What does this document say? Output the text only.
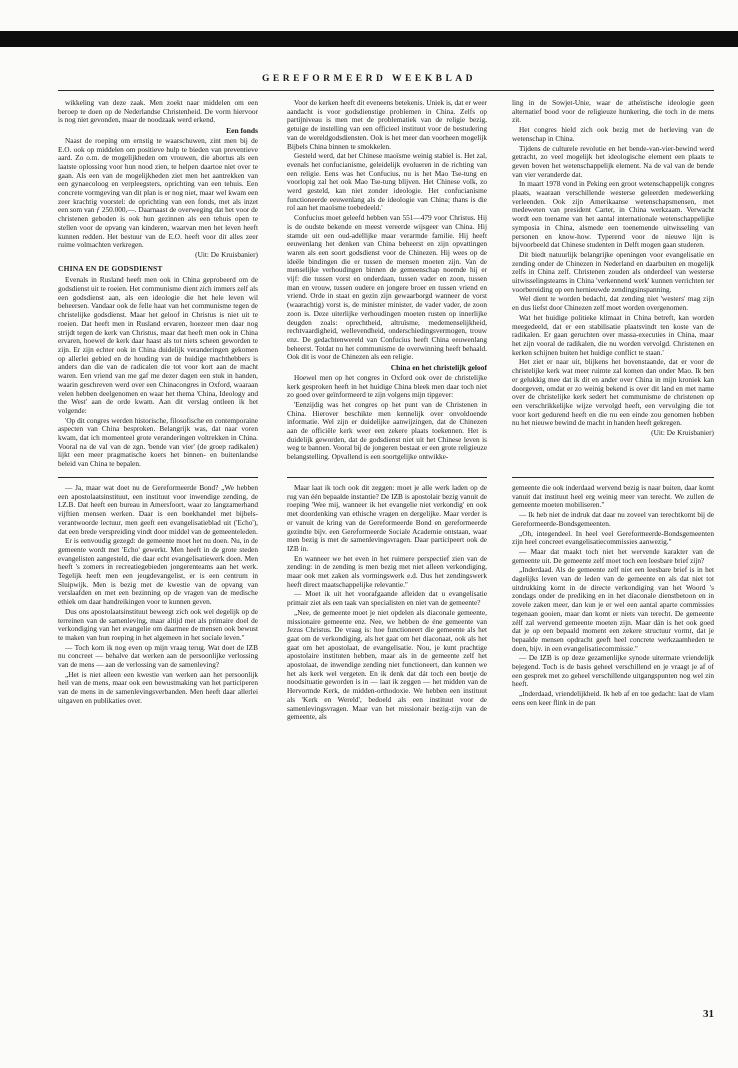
GEREFORMEERD WEEKBLAD

wikkeling van deze zaak. Men zoekt naar middelen om een beroep te doen op de Nederlandse Christenheid. De vorm hiervoor is nog niet gevonden, maar de noodzaak werd erkend.

Een fonds

Naast de roeping om ernstig te waarschuwen, zint men bij de E.O. ook op middelen om positieve hulp te bieden van preventieve aard. Zo o.m. de mogelijkheden om vrouwen, die abortus als een laatste oplossing voor hun nood zien, te helpen daartoe niet over te gaan. Als een van de mogelijkheden ziet men het aantrekken van een gynaecoloog en verpleegsters, oprichting van een tehuis. Een concrete vormgeving van dit plan is er nog niet, maar wel kwam een zeer krachtig voorstel: de oprichting van een fonds, met als inzet een som van ƒ 250.000,—. Daarnaast de overweging dat het voor de christenen geboden is ook hun gezinnen als een tehuis open te stellen voor de opvang van kinderen, waarvan men het leven heeft kunnen redden. Het bestuur van de E.O. heeft voor dit alles zeer ruime volmachten verkregen.

(Uit: De Kruisbanier)

CHINA EN DE GODSDIENST

Evenals in Rusland heeft men ook in China geprobeerd om de godsdienst uit te roeien. Het communisme dient zich immers zelf als een godsdienst aan, als een ideologie die het hele leven wil beheersen. Vandaar ook de felle haat van het communisme tegen de christelijke godsdienst. Maar het geloof in Christus is niet uit te roeien. Dat heeft men in Rusland ervaren, hoezeer men daar nog strijdt tegen de kerk van Christus, maar dat heeft men ook in China ervaren, hoewel de kerk daar haast als tot niets scheen geworden te zijn. Er zijn echter ook in China duidelijk veranderingen gekomen op allerlei gebied en de houding van de huidige machthebbers is anders dan die van de radicalen die tot voor kort aan de macht waren. Een vriend van me gaf me dezer dagen een stuk in handen, waarin geschreven werd over een Chinacongres in Oxford, waaraan velen hebben deelgenomen en waar het thema 'China, Ideology and the West' aan de orde kwam. Aan dit verslag ontleen ik het volgende:

'Op dit congres werden historische, filosofische en contemporaine aspecten van China besproken. Belangrijk was, dat naar voren kwam, dat ich momenteel grote veranderingen voltrekken in China. Vooral na de val van de zgn. 'bende van vier' (de groep radikalen) lijkt een meer pragmatische koers het binnen- en buitenlandse beleid van China te bepalen.

Voor de kerken heeft dit eveneens betekenis. Uniek is, dat er weer aandacht is voor godsdienstige problemen in China. Zelfs op partijniveau is men met de problematiek van de religie bezig, getuige de instelling van een officieel instituut voor de bestudering van de wereldgodsdiensten. Ook is het meer dan voorheen mogelijk Bijbels China binnen te smokkelen.

Gesteld werd, dat het Chinese maoïsme weinig stabiel is. Het zal, evenals het confucianisme, geleidelijk evolueren in de richting van een religie. Eens was het Confucius, nu is het Mao Tse-tung en voorlopig zal het ook Mao Tse-tung blijven. Het Chinese volk, zo werd gesteld, kan niet zonder ideologie. Het confucianisme functioneerde eeuwenlang als de ideologie van China; thans is die rol aan het maoïsme toebedeeld.'

Confucius moet geleefd hebben van 551—479 voor Christus. Hij is de oudste bekende en meest vereerde wijsgeer van China. Hij stamde uit een oud-adellijke maar verarmde familie. Hij heeft eeuwenlang het denken van China beheerst en zijn opvattingen waren als een soort godsdienst voor de Chinezen. Hij wees op de ideële bindingen die er tussen de mensen moeten zijn. Van de menselijke verhoudingen binnen de gemeenschap noemde hij er vijf: die tussen vorst en onderdaan, tussen vader en zoon, tussen man en vrouw, tussen oudere en jongere broer en tussen vriend en vriend. Orde in staat en gezin zijn gewaarborgd wanneer de vorst (waarachtig) vorst is, de minister minister, de vader vader, de zoon zoon is. Deze uiterlijke verhoudingen moeten rusten op innerlijke deugden zoals: oprechtheid, altruïsme, medemenselijkheid, rechtvaardigheid, wellevendheid, onderschiedingsvermogen, trouw enz. De gedachtenwereld van Confucius heeft China eeuwenlang beheerst. Totdat nu het communisme de overwinning heeft behaald. Ook dit is voor de Chinezen als een religie.

China en het christelijk geloof

Hoewel men op het congres in Oxford ook over de christelijke kerk gesproken heeft in het huidige China bleek men daar toch niet zo goed over geïnformeerd te zijn volgens mijn tipgever:

'Eenzijdig was het congres op het punt van de Christenen in China. Hierover beschikte men kennelijk over onvoldoende informatie. Wel zijn er duidelijke aanwijzingen, dat de Chinezen aan de officiële kerk weer een zekere plaats toekennen. Het is duidelijk geworden, dat de godsdienst niet uit het Chinese leven is weg te bannen. Vooral bij de jongeren bestaat er een grote religieuze belangstelling. Opvallend is een soortgelijke ontwikke-

ling in de Sowjet-Unie, waar de atheïstische ideologie geen alternatief bood voor de religieuze hunkering, die toch in de mens zit.

Het congres hield zich ook bezig met de herleving van de wetenschap in China.

Tijdens de culturele revolutie en het bende-van-vier-bewind werd getracht, zo veel mogelijk het ideologische element een plaats te geven boven het wetenschappelijk element. Na de val van de bende van vier veranderde dat.

In maart 1978 vond in Peking een groot wetenschappelijk congres plaats, waaraan verschillende westerse geleerden medewerking verleenden. Ook zijn Amerikaanse wetenschapsmensen, met medeweten van president Carter, in China werkzaam. Verwacht wordt een toename van het aantal internationale wetenschappelijke symposia in China, alsmede een toenemende uitwisseling van personen en know-how. Typerend voor de nieuwe lijn is bijvoorbeeld dat Chinese studenten in Delft mogen gaan studeren.

Dit biedt natuurlijk belangrijke openingen voor evangelisatie en zending onder de Chinezen in Nederland en daarbuiten en mogelijk zelfs in China zelf. Christenen zouden als onderdeel van westerse uitwisselingsteams in China 'verkennend werk' kunnen verrichten ter voorbereiding op een hernieuwde zendingsinspanning.

Wel dient te worden bedacht, dat zending niet 'westers' mag zijn en dus liefst door Chinezen zelf moet worden overgenomen.

Wat het huidige politieke klimaat in China betreft, kan worden meegedeeld, dat er een stabilisatie plaatsvindt ten koste van de radikalen. Er gaan geruchten over massa-executies in China, maar het zijn vooral de radikalen, die nu worden vervolgd. Christenen en kerken schijnen buiten het huidige conflict te staan.'

Het ziet er naar uit, blijkens het bovenstaande, dat er voor de christelijke kerk wat meer ruimte zal komen dan onder Mao. Ik ben er gelukkig mee dat ik dit en ander over China in mijn kroniek kan doorgeven, omdat er zo weinig bekend is over dit land en met name over de christelijke kerk sedert het communisme de christenen op een verschrikkelijke wijze vervolgd heeft, een vervolging die tot voor kort gedurend heeft en die nu een einde zou genomen hebben nu het nieuwe bewind de macht in handen heeft gekregen.

(Uit: De Kruisbanier)

— Ja, maar wat doet nu de Gereformeerde Bond? „We hebben een apostolaatsinstituut, een instituut voor inwendige zending, de I.Z.B. Dat heeft een bureau in Amersfoort, waar zo langzamerhand vijftien mensen werken. Daar is een boekhandel met bijbels-verantwoorde lectuur, men geeft een evangelisatieblad uit ('Echo'), dat een brede verspreiding vindt door middel van de gemeenteleden.

Er is eenvoudig gezegd: de gemeente moet het nu doen. Nu, in de gemeente wordt met 'Echo' gewerkt. Men heeft in de grote steden evangelisten aangesteld, die daar echt evangelisatiewerk doen. Men heeft 's zomers in recreatiegebieden jongerenteams aan het werk. Tegelijk heeft men een jeugdevangelist, er is een centrum in Sluipwijk. Men is bezig met de kwestie van de opvang van verslaafden en met een bezinning op de vragen van de medische ethiek om daar handreikingen voor te kunnen geven.

Dus ons apostolaatsinstituut beweegt zich ook wel degelijk op de terreinen van de samenleving, maar altijd met als primaire doel de verkondiging van het evangelie om daarmee de mensen ook bewust te maken van hun roeping in het algemeen in het sociale leven."

— Toch kom ik nog even op mijn vraag terug. Wat doet de IZB nu concreet — behalve dat werken aan de persoonlijke verlossing van de mens — aan de verlossing van de samenleving?

„Het is niet alleen een kwestie van werken aan het persoonlijk heil van de mens, maar ook een bewustmaking van het participeren van de mens in de samenlevingsverbanden. Men heeft daar allerlei uitgaven en publikaties over.

Maar laat ik toch ook dit zeggen: moet je alle werk laden op de rug van één bepaalde instantie? De IZB is apostolair bezig vanuit de roeping 'Wee mij, wanneer ik het evangelie niet verkondig' en ook met doordenking van ethische vragen en dergelijke. Maar verder is er vanuit de kring van de Gereformeerde Bond en gereformeerde gezindte bijv. een Gereformeerde Sociale Academie ontstaan, waar men bezig is met de samenlevingsvragen. Daar participeert ook de IZB in.

En wanneer we het even in het ruimere perspectief zien van de zending: in de zending is men bezig met niet alleen verkondiging, maar ook met zaken als vormingswerk e.d. Dus het zendingswerk heeft direct maatschappelijke relevantie."

— Moet ik uit het voorafgaande afleiden dat u evangelisatie primair ziet als een taak van specialisten en niet van de gemeente?

„Nee, de gemeente moet je niet opdelen als diaconale gemeente, missionaire gemeente enz. Nee, we hebben de éne gemeente van Jezus Christus. De vraag is: hoe functioneert die gemeente als het gaat om de verkondiging, als het gaat om het diaconaat, ook als het gaat om het apostolaat, de evangelisatie. Nou, je kunt prachtige apostolaire instituten hebben, maar als in de gemeente zelf het apostolaat, de inwendige zending niet functioneert, dan kunnen we het als kerk wel vergeten. En ik denk dat dát toch een beetje de noodsituatie geworden is in — laat ik zeggen — het midden van de Hervormde Kerk, de midden-orthodoxie. We hebben een instituut als 'Kerk en Wereld', bedoeld als een instituut voor de samenlevingsvragen. Maar van het missionair bezig-zijn van de gemeente, als

gemeente die ook inderdaad wervend bezig is naar buiten, daar komt vanuit dat instituut heel erg weinig meer van terecht. We zullen de gemeente moeten mobiliseren."

— Ik heb niet de indruk dat daar nu zoveel van terechtkomt bij de Gereformeerde-Bondsgemeenten.

„Oh, integendeel. In heel veel Gereformeerde-Bondsgemeenten zijn heel concreet evangelisatiecommissies aanwezig."

— Maar dat maakt toch niet het wervende karakter van de gemeente uit. De gemeente zelf moet toch een leesbare brief zijn?

„Inderdaad. Als de gemeente zelf niet een leesbare brief is in het dagelijks leven van de leden van de gemeente en als dat niet tot uitdrukking komt in de directe verkondiging van het Woord 's zondags onder de prediking en in het diaconale dienstbetoon en in zovele zaken meer, dan kun je er wel een aantal aparte commissies tegenaan gooien, maar dan komt er niets van terecht. De gemeente zélf zal wervend gemeente moeten zijn. Maar dán is het ook goed dat je op een bepaald moment een zekere structuur vormt, dat je bepaalde mensen opdracht geeft heel concrete werkzaamheden te doen, bijv. in een evangelisatiecommissie."

— De IZB is op deze gezamenlijke synode uitermate vriendelijk bejegend. Toch is de basis geheel verschillend en je vraagt je af of een gesprek met zo geheel verschillende uitgangspunten nog wel zin heeft.

„Inderdaad, vriendelijkheid. Ik heb af en toe gedacht: laat de vlam eens een keer flink in de pan

31
